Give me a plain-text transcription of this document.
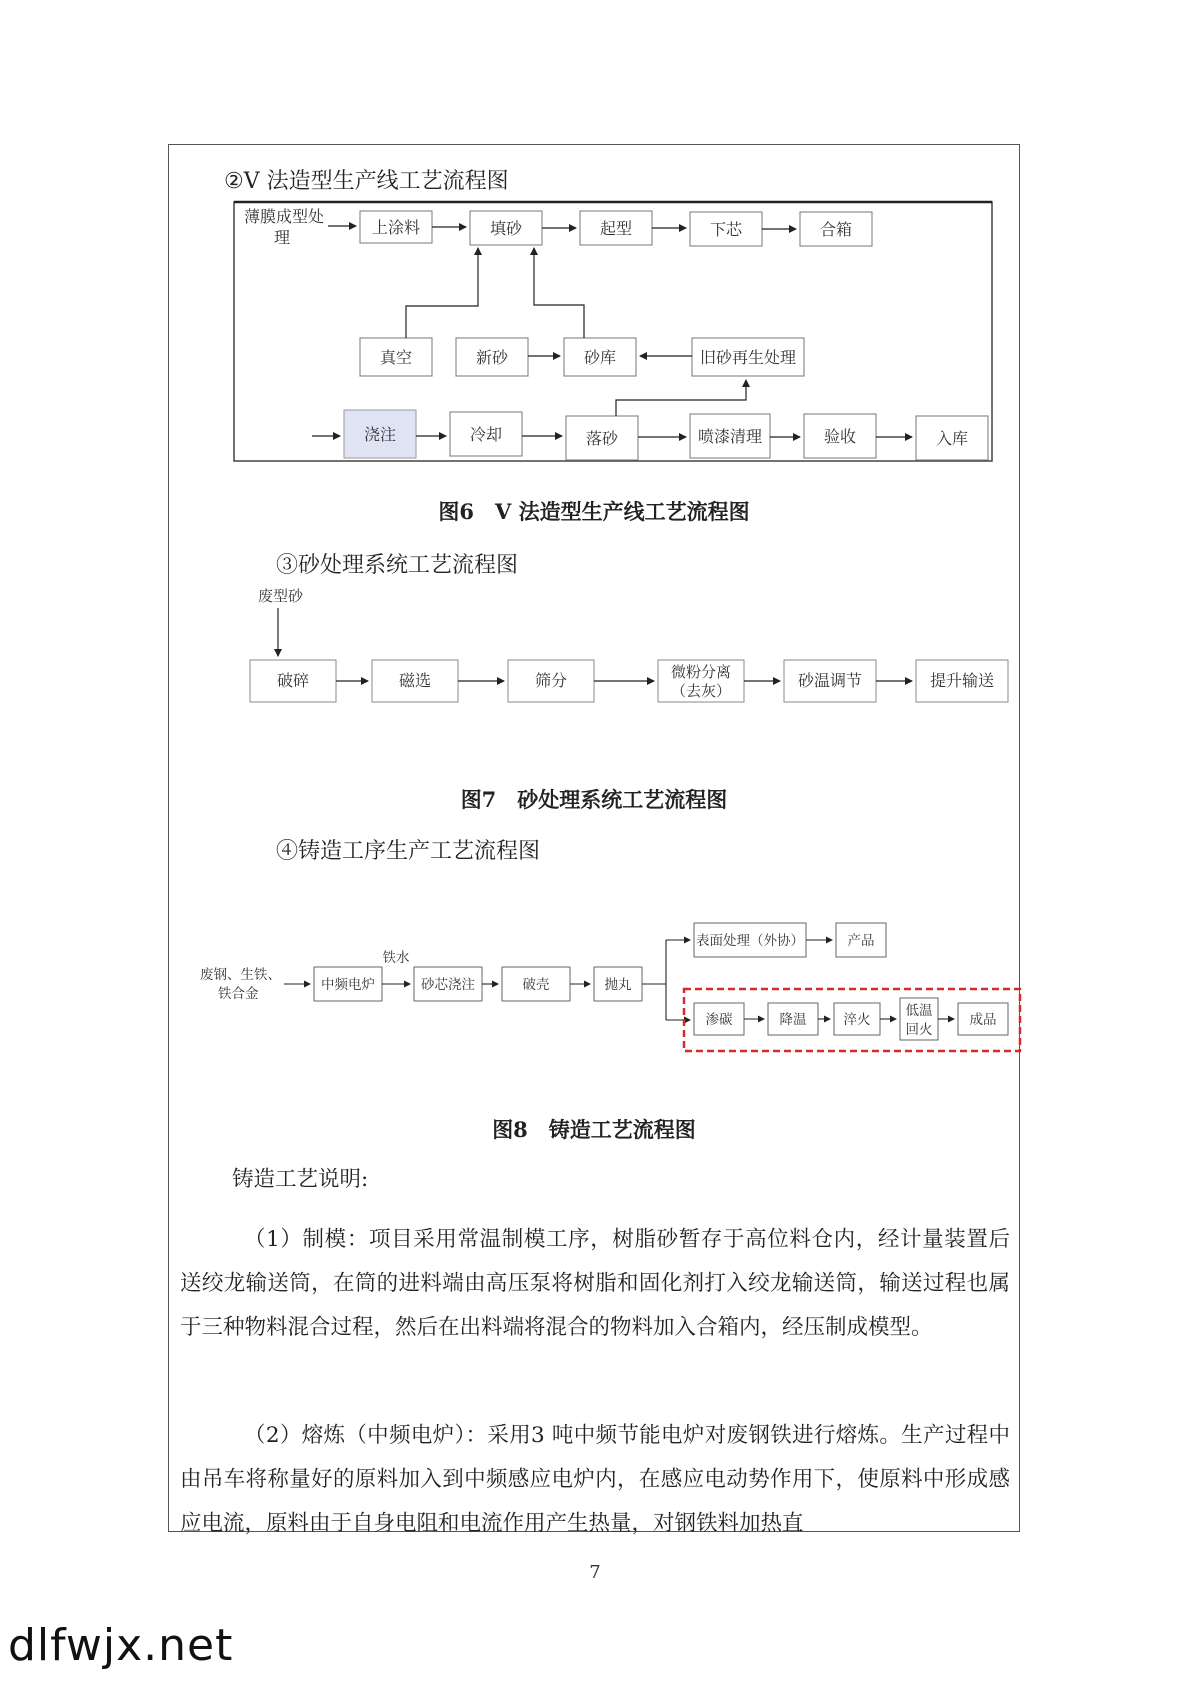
②V 法造型生产线工艺流程图
薄膜成型处
理
上涂料	填砂	起型	下芯	合箱
真空	新砂	砂库	旧砂再生处理
浇注	冷却	落砂	喷漆清理	验收	入库
图6　V 法造型生产线工艺流程图
③砂处理系统工艺流程图
废型砂
破碎	磁选	筛分	微粉分离
（去灰）
砂温调节	提升输送
图7　砂处理系统工艺流程图
④铸造工序生产工艺流程图
废钢、生铁、
铁合金
中频电炉
铁水
砂芯浇注	破壳	抛丸
表面处理（外协）	产品
渗碳	降温	淬火
低温
回火
成品
图8　铸造工艺流程图
铸造工艺说明:
（1）制模：项目采用常温制模工序，树脂砂暂存于高位料仓内，经计量装置后送绞龙输送筒，在筒的进料端由高压泵将树脂和固化剂打入绞龙输送筒，输送过程也属于三种物料混合过程，然后在出料端将混合的物料加入合箱内，经压制成模型。
（2）熔炼（中频电炉）：采用3 吨中频节能电炉对废钢铁进行熔炼。生产过程中由吊车将称量好的原料加入到中频感应电炉内，在感应电动势作用下，使原料中形成感应电流，原料由于自身电阻和电流作用产生热量，对钢铁料加热直
7
dlfwjx.net
